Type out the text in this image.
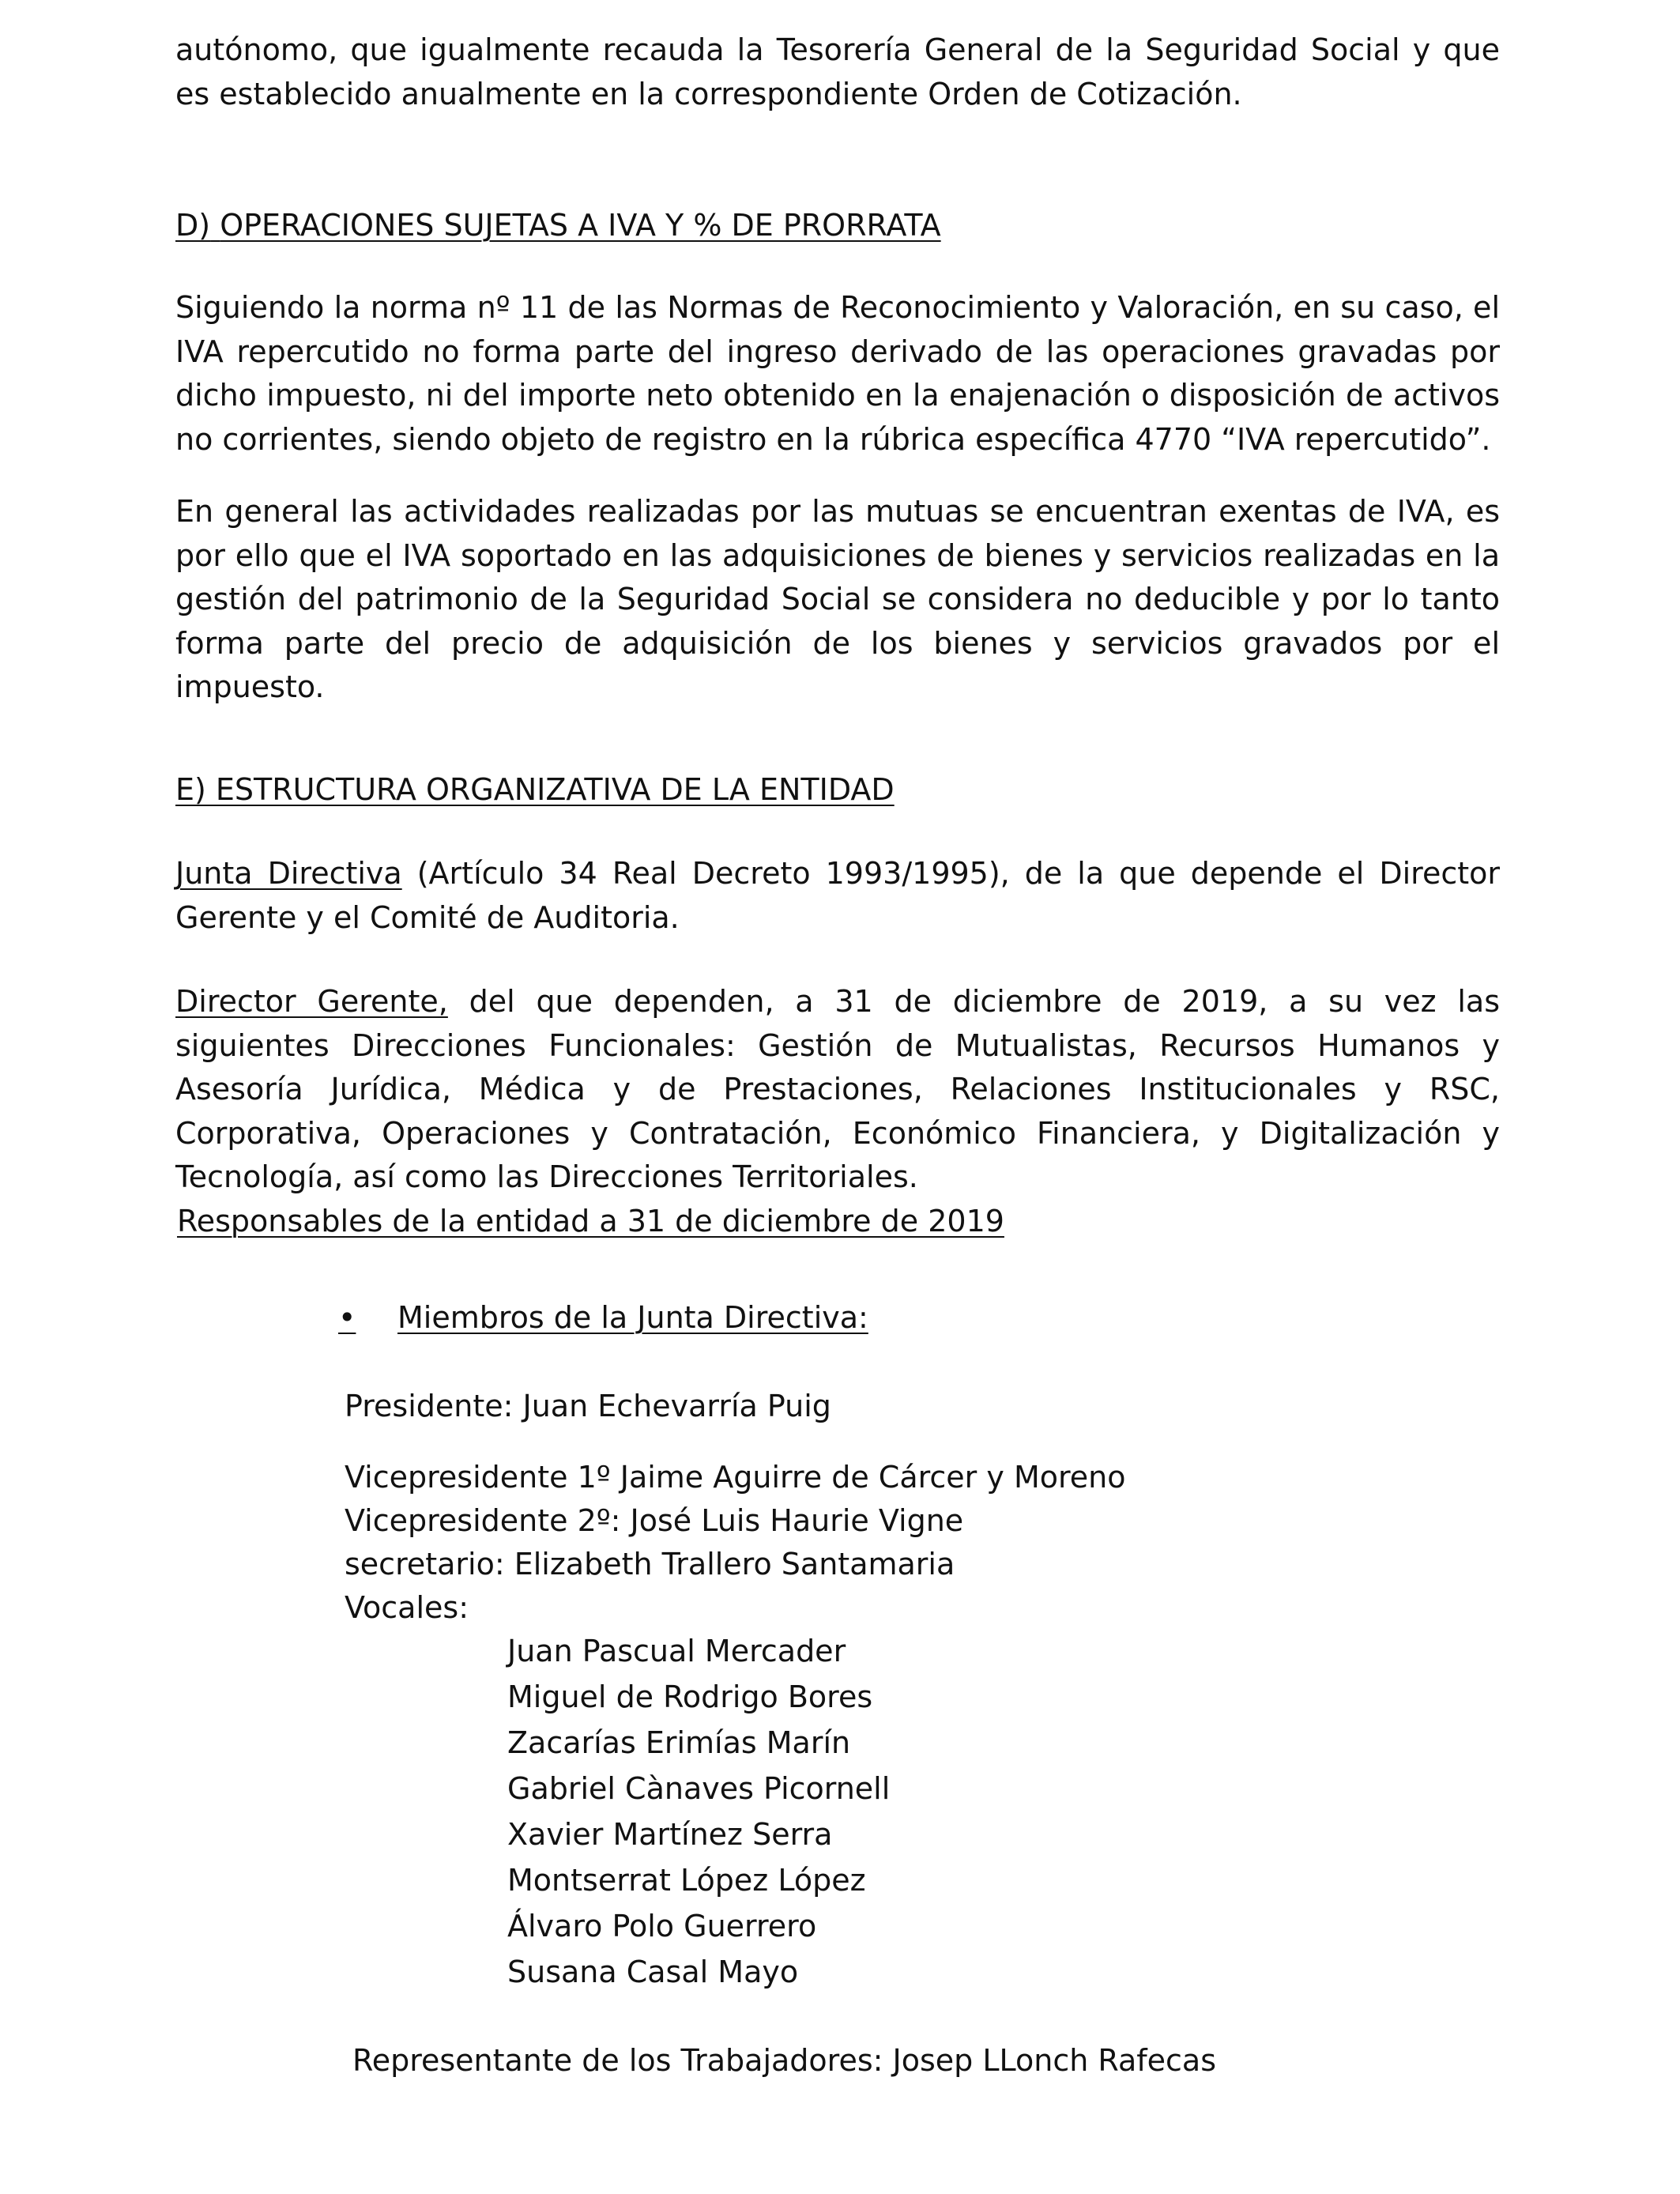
autónomo, que igualmente recauda la Tesorería General de la Seguridad Social y que es establecido anualmente en la correspondiente Orden de Cotización.

D) OPERACIONES SUJETAS A IVA Y % DE PRORRATA

Siguiendo la norma nº 11 de las Normas de Reconocimiento y Valoración, en su caso, el IVA repercutido no forma parte del ingreso derivado de las operaciones gravadas por dicho impuesto, ni del importe neto obtenido en la enajenación o disposición de activos no corrientes, siendo objeto de registro en la rúbrica específica 4770 “IVA repercutido”.

En general las actividades realizadas por las mutuas se encuentran exentas de IVA, es por ello que el IVA soportado en las adquisiciones de bienes y servicios realizadas en la gestión del patrimonio de la Seguridad Social se considera no deducible y por lo tanto forma parte del precio de adquisición de los bienes y servicios gravados por el impuesto.

E) ESTRUCTURA ORGANIZATIVA DE LA ENTIDAD

Junta Directiva (Artículo 34 Real Decreto 1993/1995), de la que depende el Director Gerente y el Comité de Auditoria.

Director Gerente, del que dependen, a 31 de diciembre de 2019, a su vez las siguientes Direcciones Funcionales: Gestión de Mutualistas, Recursos Humanos y Asesoría Jurídica, Médica y de Prestaciones, Relaciones Institucionales y RSC, Corporativa, Operaciones y Contratación, Económico Financiera, y Digitalización y Tecnología, así como las Direcciones Territoriales.

Responsables de la entidad a 31 de diciembre de 2019

• Miembros de la Junta Directiva:

Presidente: Juan Echevarría Puig

Vicepresidente 1º Jaime Aguirre de Cárcer y Moreno

Vicepresidente 2º: José Luis Haurie Vigne

secretario: Elizabeth Trallero Santamaria

Vocales:

Juan Pascual Mercader

Miguel de Rodrigo Bores

Zacarías Erimías Marín

Gabriel Cànaves Picornell

Xavier Martínez Serra

Montserrat López López

Álvaro Polo Guerrero

Susana Casal Mayo

Representante de los Trabajadores: Josep LLonch Rafecas
